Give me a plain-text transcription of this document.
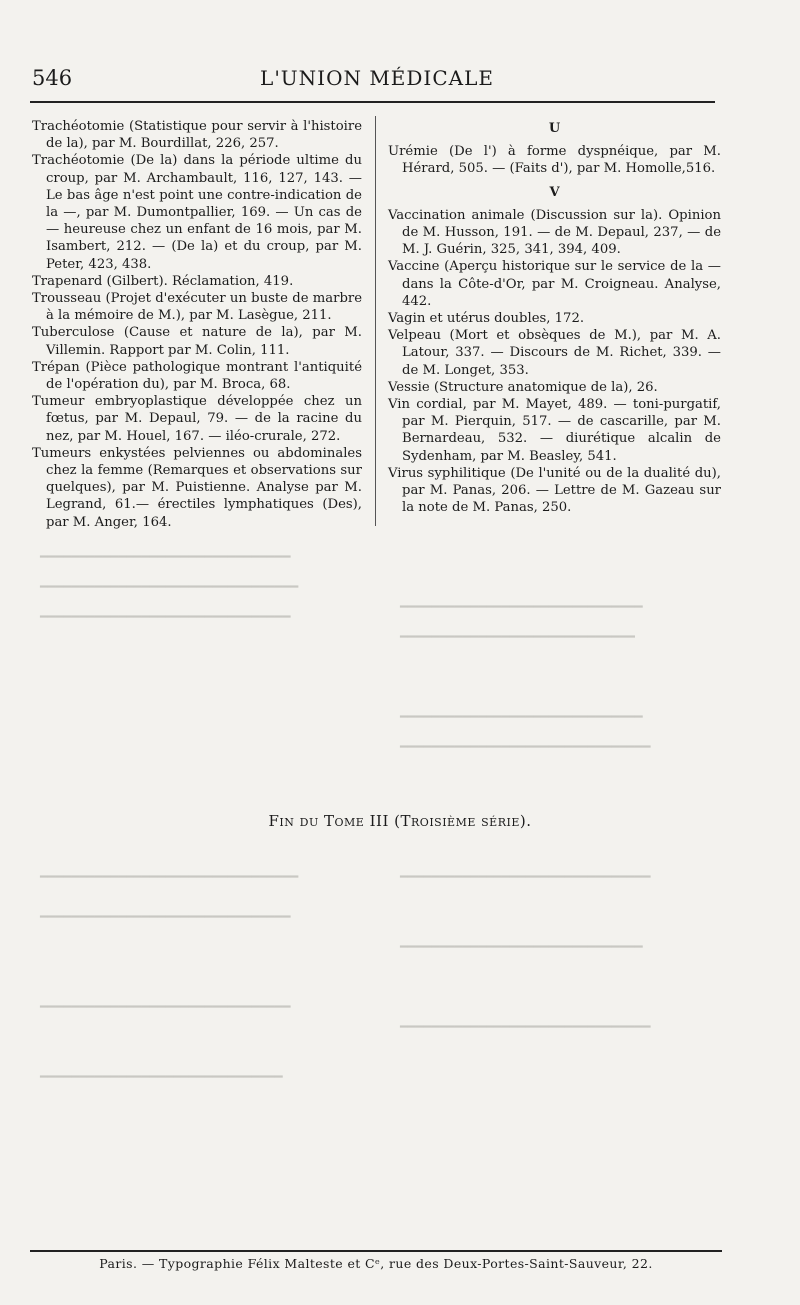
546	L'UNION MÉDICALE

Trachéotomie (Statistique pour servir à l'histoire de la), par M. Bourdillat, 226, 257.

Trachéotomie (De la) dans la période ultime du croup, par M. Archambault, 116, 127, 143. — Le bas âge n'est point une contre-indication de la —, par M. Dumontpallier, 169. — Un cas de — heureuse chez un enfant de 16 mois, par M. Isambert, 212. — (De la) et du croup, par M. Peter, 423, 438.

Trapenard (Gilbert). Réclamation, 419.

Trousseau (Projet d'exécuter un buste de marbre à la mémoire de M.), par M. Lasègue, 211.

Tuberculose (Cause et nature de la), par M. Villemin. Rapport par M. Colin, 111.

Trépan (Pièce pathologique montrant l'antiquité de l'opération du), par M. Broca, 68.

Tumeur embryoplastique développée chez un fœtus, par M. Depaul, 79. — de la racine du nez, par M. Houel, 167. — iléo-crurale, 272.

Tumeurs enkystées pelviennes ou abdominales chez la femme (Remarques et observations sur quelques), par M. Puistienne. Analyse par M. Legrand, 61.— érectiles lymphatiques (Des), par M. Anger, 164.

U

Urémie (De l') à forme dyspnéique, par M. Hérard, 505. — (Faits d'), par M. Homolle,516.

V

Vaccination animale (Discussion sur la). Opinion de M. Husson, 191. — de M. Depaul, 237, — de M. J. Guérin, 325, 341, 394, 409.

Vaccine (Aperçu historique sur le service de la — dans la Côte-d'Or, par M. Croigneau. Analyse, 442.

Vagin et utérus doubles, 172.

Velpeau (Mort et obsèques de M.), par M. A. Latour, 337. — Discours de M. Richet, 339. — de M. Longet, 353.

Vessie (Structure anatomique de la), 26.

Vin cordial, par M. Mayet, 489. — toni-purgatif, par M. Pierquin, 517. — de cascarille, par M. Bernardeau, 532. — diurétique alcalin de Sydenham, par M. Beasley, 541.

Virus syphilitique (De l'unité ou de la dualité du), par M. Panas, 206. — Lettre de M. Gazeau sur la note de M. Panas, 250.

━━━━━━━━━━━━━━━━━━━━━━━━━━━━━━━━
━━━━━━━━━━━━━━━━━━━━━━━━━━━━━━━━━
━━━━━━━━━━━━━━━━━━━━━━━━━━━━━━━━
━━━━━━━━━━━━━━━━━━━━━━━━━━━━━━━
━━━━━━━━━━━━━━━━━━━━━━━━━━━━━━
━━━━━━━━━━━━━━━━━━━━━━━━━━━━━━━
━━━━━━━━━━━━━━━━━━━━━━━━━━━━━━━━
━━━━━━━━━━━━━━━━━━━━━━━━━━━━━━━━━
━━━━━━━━━━━━━━━━━━━━━━━━━━━━━━━━
━━━━━━━━━━━━━━━━━━━━━━━━━━━━━━━━
━━━━━━━━━━━━━━━━━━━━━━━━━━━━━━━
━━━━━━━━━━━━━━━━━━━━━━━━━━━━━━━━
━━━━━━━━━━━━━━━━━━━━━━━━━━━━━━━━
━━━━━━━━━━━━━━━━━━━━━━━━━━━━━━━
Fin du Tome III (Troisième série).
Paris. — Typographie Félix Malteste et Cᵉ, rue des Deux-Portes-Saint-Sauveur, 22.
